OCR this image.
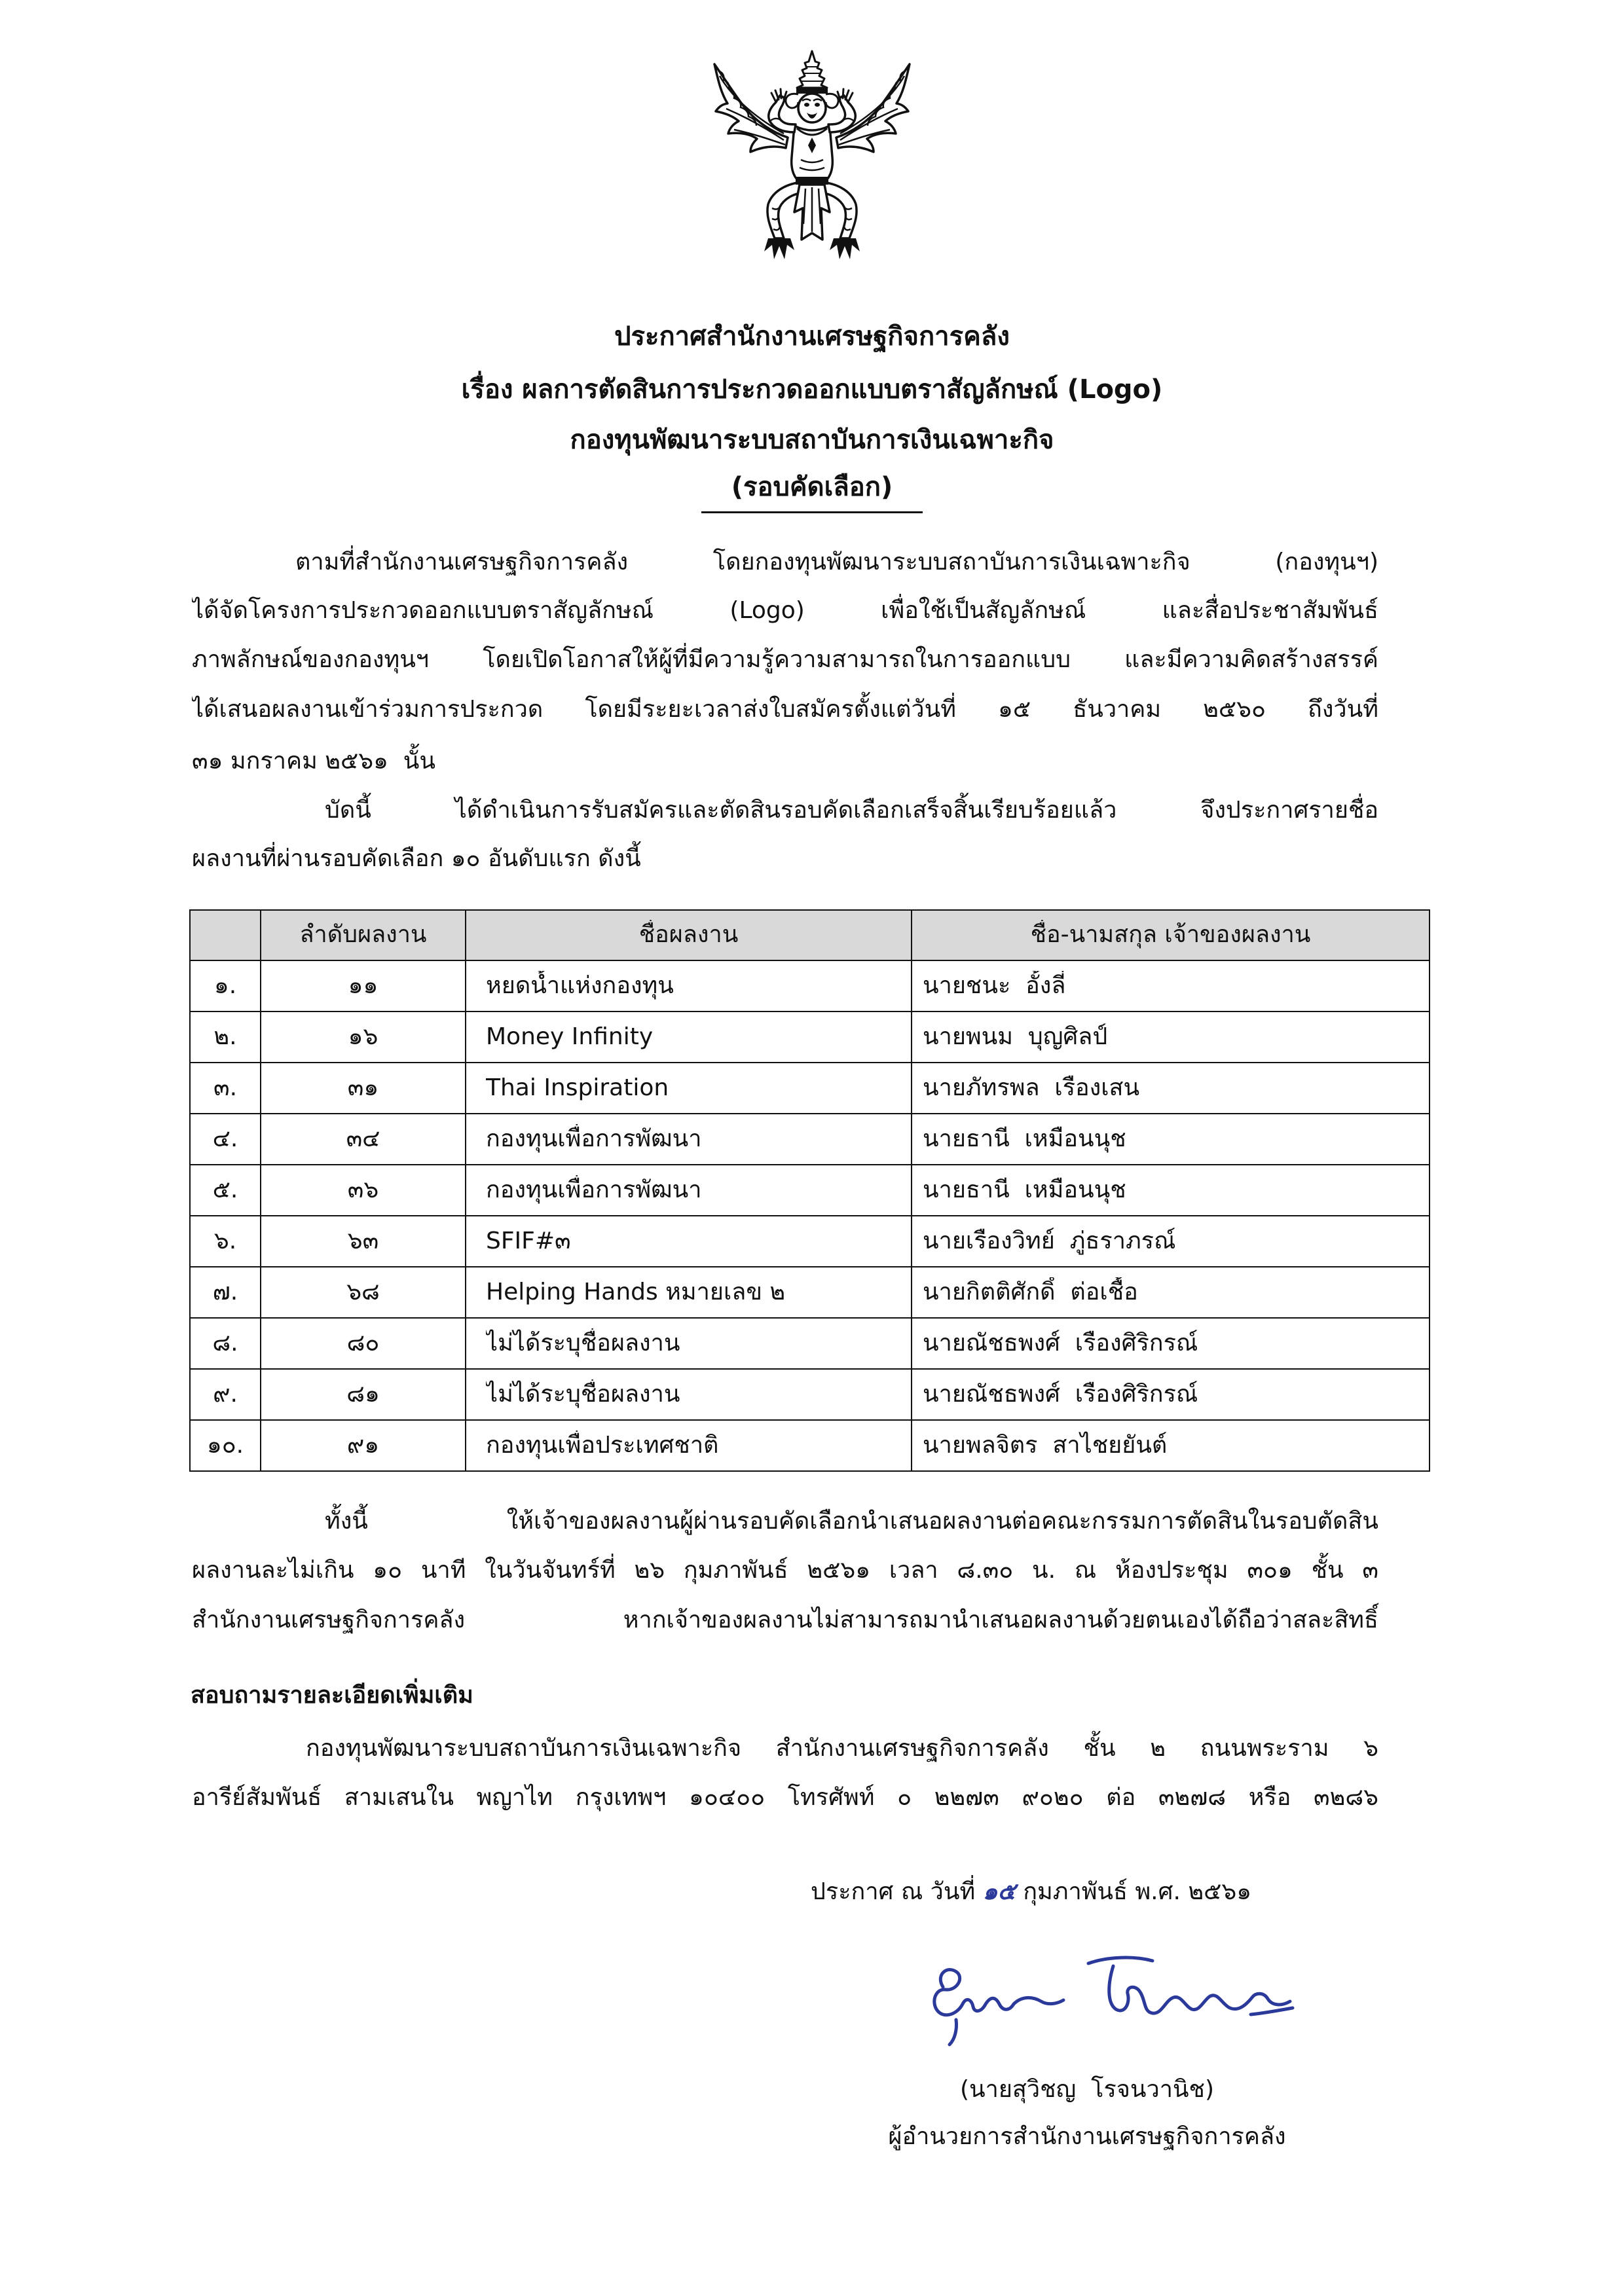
ประกาศสำนักงานเศรษฐกิจการคลัง
เรื่อง ผลการตัดสินการประกวดออกแบบตราสัญลักษณ์ (Logo)
กองทุนพัฒนาระบบสถาบันการเงินเฉพาะกิจ
(รอบคัดเลือก)
ตามที่สำนักงานเศรษฐกิจการคลัง โดยกองทุนพัฒนาระบบสถาบันการเงินเฉพาะกิจ (กองทุนฯ)
ได้จัดโครงการประกวดออกแบบตราสัญลักษณ์ (Logo) เพื่อใช้เป็นสัญลักษณ์ และสื่อประชาสัมพันธ์
ภาพลักษณ์ของกองทุนฯ โดยเปิดโอกาสให้ผู้ที่มีความรู้ความสามารถในการออกแบบ และมีความคิดสร้างสรรค์
ได้เสนอผลงานเข้าร่วมการประกวด โดยมีระยะเวลาส่งใบสมัครตั้งแต่วันที่ ๑๕ ธันวาคม ๒๕๖๐ ถึงวันที่
๓๑ มกราคม ๒๕๖๑  นั้น
บัดนี้ ได้ดำเนินการรับสมัครและตัดสินรอบคัดเลือกเสร็จสิ้นเรียบร้อยแล้ว จึงประกาศรายชื่อ
ผลงานที่ผ่านรอบคัดเลือก ๑๐ อันดับแรก ดังนี้

	ลำดับผลงาน	ชื่อผลงาน	ชื่อ-นามสกุล เจ้าของผลงาน

๑.	๑๑	หยดน้ำแห่งกองทุน	นายชนะ  อั้งลี่

๒.	๑๖	Money Infinity	นายพนม  บุญศิลป์

๓.	๓๑	Thai Inspiration	นายภัทรพล  เรืองเสน

๔.	๓๔	กองทุนเพื่อการพัฒนา	นายธานี  เหมือนนุช

๕.	๓๖	กองทุนเพื่อการพัฒนา	นายธานี  เหมือนนุช

๖.	๖๓	SFIF#๓	นายเรืองวิทย์  ภู่ธราภรณ์

๗.	๖๘	Helping Hands หมายเลข ๒	นายกิตติศักดิ์  ต่อเชื้อ

๘.	๘๐	ไม่ได้ระบุชื่อผลงาน	นายณัชธพงศ์  เรืองศิริกรณ์

๙.	๘๑	ไม่ได้ระบุชื่อผลงาน	นายณัชธพงศ์  เรืองศิริกรณ์

๑๐.	๙๑	กองทุนเพื่อประเทศชาติ	นายพลจิตร  สาไชยยันต์
ทั้งนี้ ให้เจ้าของผลงานผู้ผ่านรอบคัดเลือกนำเสนอผลงานต่อคณะกรรมการตัดสินในรอบตัดสิน
ผลงานละไม่เกิน ๑๐ นาที ในวันจันทร์ที่ ๒๖ กุมภาพันธ์ ๒๕๖๑ เวลา ๘.๓๐ น. ณ ห้องประชุม ๓๐๑ ชั้น ๓
สำนักงานเศรษฐกิจการคลัง หากเจ้าของผลงานไม่สามารถมานำเสนอผลงานด้วยตนเองได้ถือว่าสละสิทธิ์
สอบถามรายละเอียดเพิ่มเติม
กองทุนพัฒนาระบบสถาบันการเงินเฉพาะกิจ สำนักงานเศรษฐกิจการคลัง ชั้น ๒ ถนนพระราม ๖
อารีย์สัมพันธ์ สามเสนใน พญาไท กรุงเทพฯ ๑๐๔๐๐ โทรศัพท์ ๐ ๒๒๗๓ ๙๐๒๐ ต่อ ๓๒๗๘ หรือ ๓๒๘๖
ประกาศ ณ วันที่ ๑๕ กุมภาพันธ์ พ.ศ. ๒๕๖๑
(นายสุวิชญ  โรจนวานิช)
ผู้อำนวยการสำนักงานเศรษฐกิจการคลัง
